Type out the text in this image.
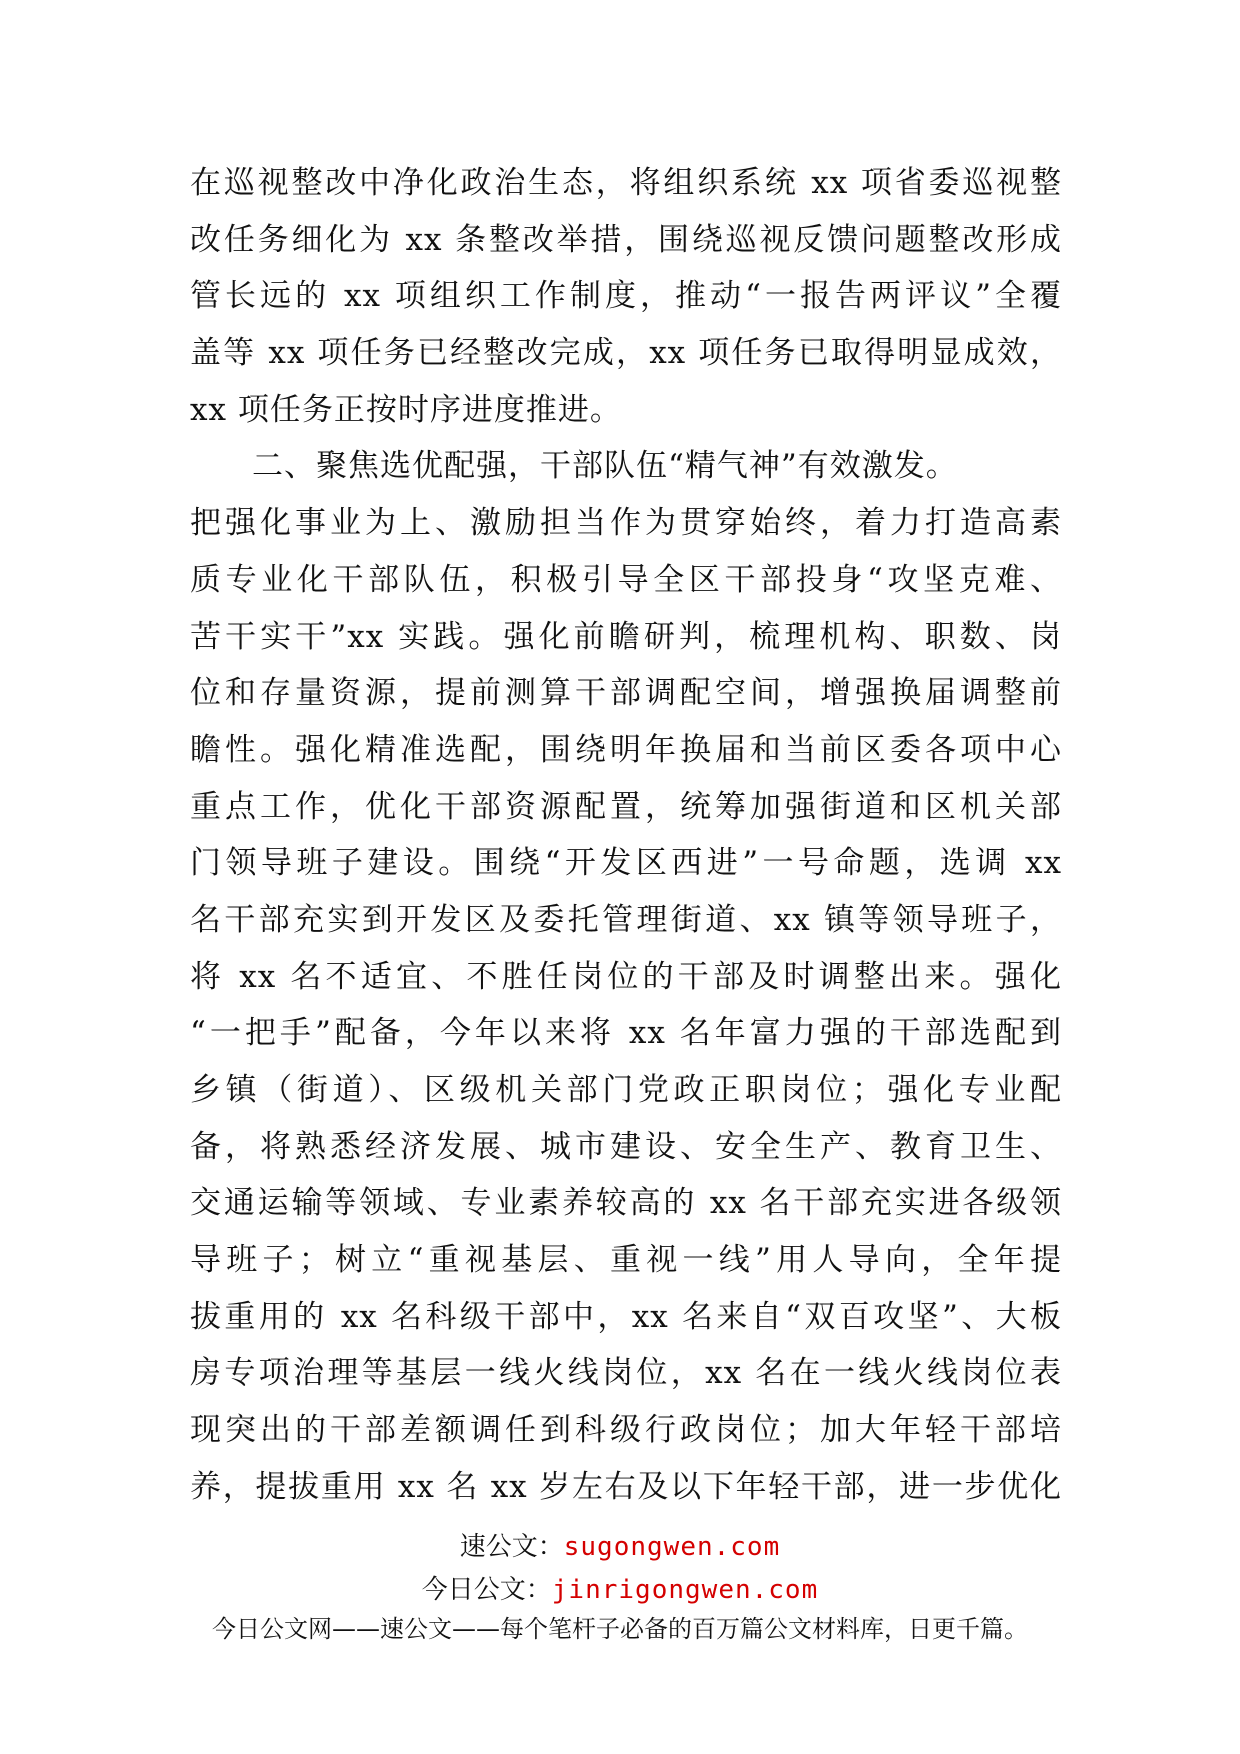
在巡视整改中净化政治生态，将组织系统 xx 项省委巡视整
改任务细化为 xx 条整改举措，围绕巡视反馈问题整改形成
管长远的 xx 项组织工作制度，推动“一报告两评议”全覆
盖等 xx 项任务已经整改完成，xx 项任务已取得明显成效，
xx 项任务正按时序进度推进。
二、聚焦选优配强，干部队伍“精气神”有效激发。
把强化事业为上、激励担当作为贯穿始终，着力打造高素
质专业化干部队伍，积极引导全区干部投身“攻坚克难、
苦干实干”xx 实践。强化前瞻研判，梳理机构、职数、岗
位和存量资源，提前测算干部调配空间，增强换届调整前
瞻性。强化精准选配，围绕明年换届和当前区委各项中心
重点工作，优化干部资源配置，统筹加强街道和区机关部
门领导班子建设。围绕“开发区西进”一号命题，选调 xx
名干部充实到开发区及委托管理街道、xx 镇等领导班子，
将 xx 名不适宜、不胜任岗位的干部及时调整出来。强化
“一把手”配备，今年以来将 xx 名年富力强的干部选配到
乡镇（街道）、区级机关部门党政正职岗位；强化专业配
备，将熟悉经济发展、城市建设、安全生产、教育卫生、
交通运输等领域、专业素养较高的 xx 名干部充实进各级领
导班子；树立“重视基层、重视一线”用人导向，全年提
拔重用的 xx 名科级干部中，xx 名来自“双百攻坚”、大板
房专项治理等基层一线火线岗位，xx 名在一线火线岗位表
现突出的干部差额调任到科级行政岗位；加大年轻干部培
养，提拔重用 xx 名 xx 岁左右及以下年轻干部，进一步优化
速公文：sugongwen.com
今日公文：jinrigongwen.com
今日公文网——速公文——每个笔杆子必备的百万篇公文材料库，日更千篇。
